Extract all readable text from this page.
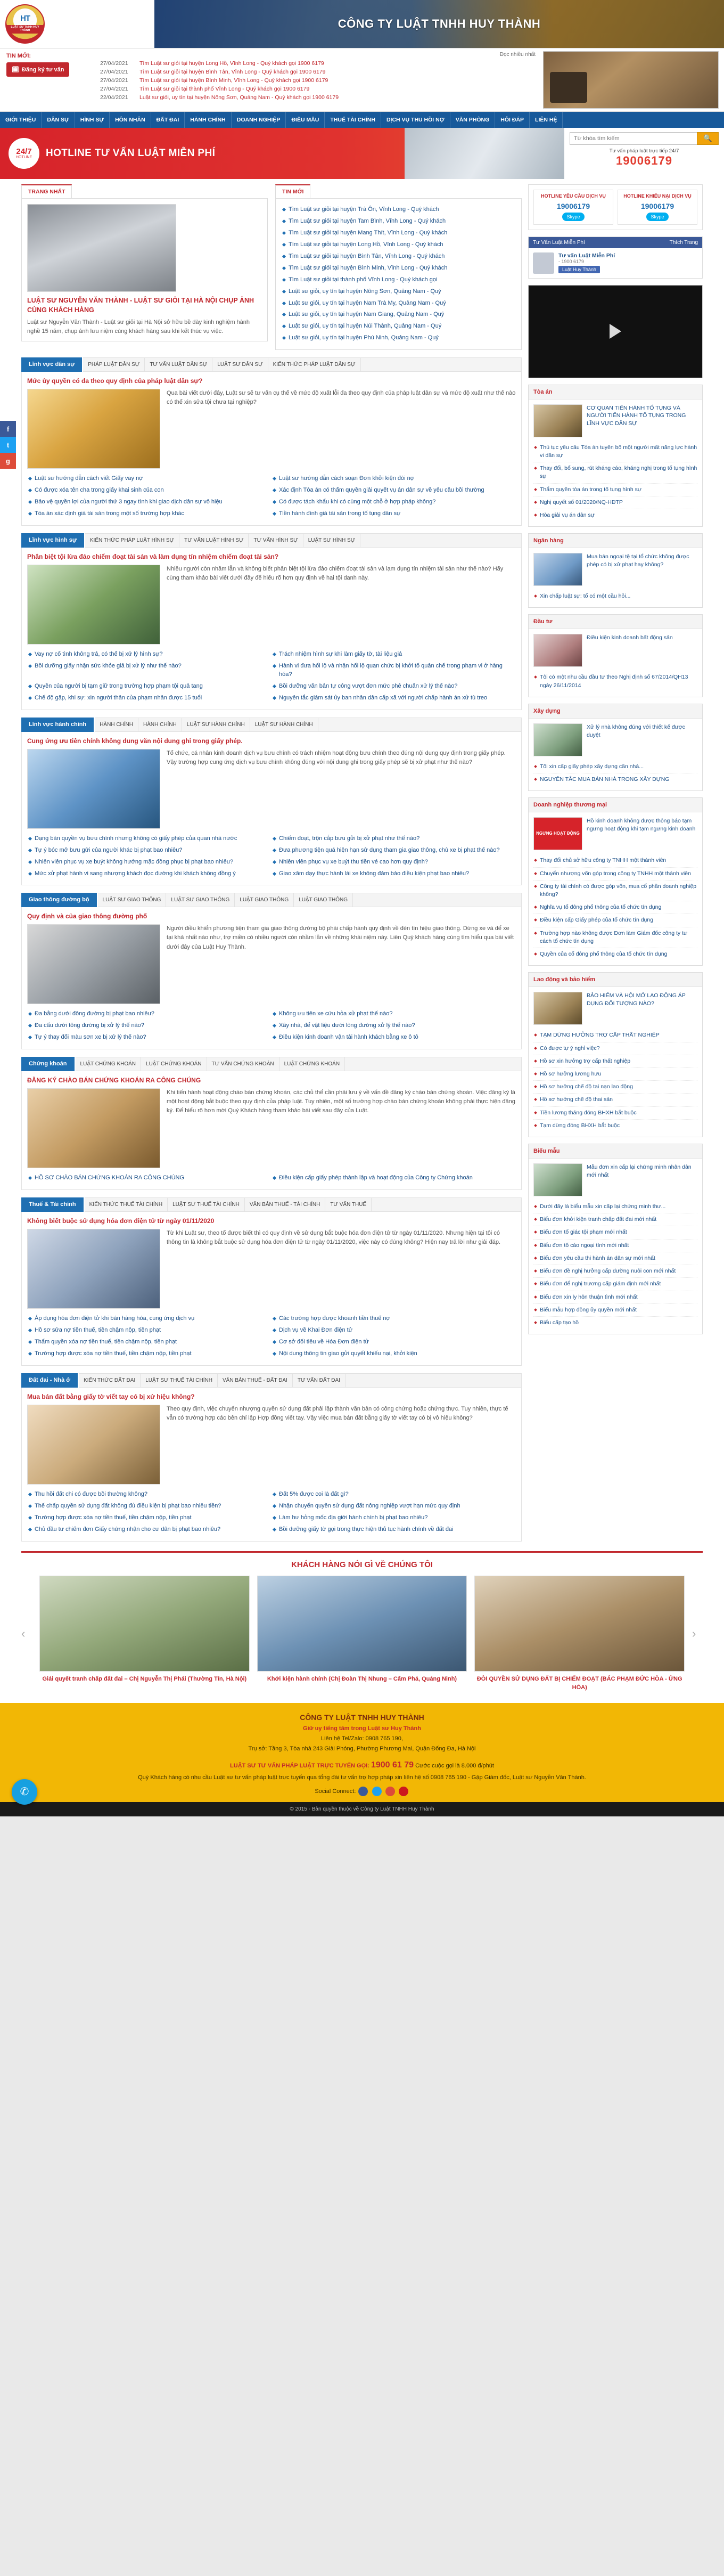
HT
LUẬT SƯ TNHH HUY THÀNH	CÔNG TY LUẬT TNHH HUY THÀNH
TIN MỚI:
🗓 Đăng ký tư vấn
Đọc nhiều nhất
27/04/2021	Tìm Luật sư giỏi tại huyện Long Hồ, Vĩnh Long - Quý khách gọi 1900 6179
27/04/2021	Tìm Luật sư giỏi tại huyện Bình Tân, Vĩnh Long - Quý khách gọi 1900 6179
27/04/2021	Tìm Luật sư giỏi tại huyện Bình Minh, Vĩnh Long - Quý khách gọi 1900 6179
27/04/2021	Tìm Luật sư giỏi tại thành phố Vĩnh Long - Quý khách gọi 1900 6179
22/04/2021	Luật sư giỏi, uy tín tại huyện Nông Sơn, Quảng Nam - Quý khách gọi 1900 6179
GIỚI THIỆU	DÂN SỰ	HÌNH SỰ	HÔN NHÂN	ĐẤT ĐAI	HÀNH CHÍNH	DOANH NGHIỆP	ĐIỀU MẪU	THUẾ TÀI CHÍNH	DỊCH VỤ THU HỒI NỢ	VĂN PHÒNG	HỎI ĐÁP	LIÊN HỆ
24/7
HOTLINE HOTLINE TƯ VẤN LUẬT MIỄN PHÍ
Từ khóa tìm kiếm
🔍
Tư vấn pháp luật trực tiếp 24/7
19006179
TRANG NHẤT
LUẬT SƯ NGUYỄN VĂN THÀNH - LUẬT SƯ GIỎI TẠI HÀ NỘI CHỤP ẢNH CÙNG KHÁCH HÀNG

Luật sư Nguyễn Văn Thành - Luật sư giỏi tại Hà Nội sở hữu bề dày kinh nghiệm hành nghề 15 năm, chụp ảnh lưu niệm cùng khách hàng sau khi kết thúc vụ việc.

TIN MỚI
Tìm Luật sư giỏi tại huyện Trà Ôn, Vĩnh Long - Quý khách
Tìm Luật sư giỏi tại huyện Tam Bình, Vĩnh Long - Quý khách
Tìm Luật sư giỏi tại huyện Mang Thít, Vĩnh Long - Quý khách
Tìm Luật sư giỏi tại huyện Long Hồ, Vĩnh Long - Quý khách
Tìm Luật sư giỏi tại huyện Bình Tân, Vĩnh Long - Quý khách
Tìm Luật sư giỏi tại huyện Bình Minh, Vĩnh Long - Quý khách
Tìm Luật sư giỏi tại thành phố Vĩnh Long - Quý khách gọi
Luật sư giỏi, uy tín tại huyện Nông Sơn, Quảng Nam - Quý
Luật sư giỏi, uy tín tại huyện Nam Trà My, Quảng Nam - Quý
Luật sư giỏi, uy tín tại huyện Nam Giang, Quảng Nam - Quý
Luật sư giỏi, uy tín tại huyện Núi Thành, Quảng Nam - Quý
Luật sư giỏi, uy tín tại huyện Phú Ninh, Quảng Nam - Quý
Lĩnh vực dân sự	PHÁP LUẬT DÂN SỰ	TƯ VẤN LUẬT DÂN SỰ	LUẬT SƯ DÂN SỰ	KIẾN THỨC PHÁP LUẬT DÂN SỰ
Mức ủy quyền có đa theo quy định của pháp luật dân sự?
Qua bài viết dưới đây, Luật sư sẽ tư vấn cụ thể về mức độ xuất lỗi đa theo quy định của pháp luật dân sự và mức độ xuất như thế nào có thể xin sửa tội chưa tại nghiệp?
Luật sư hướng dẫn cách viết Giấy vay nợ	Luật sư hướng dẫn cách soạn Đơn khởi kiện đòi nợ
Có được xóa tên cha trong giấy khai sinh của con	Xác định Tòa án có thẩm quyền giải quyết vụ án dân sự về yêu cầu bồi thường
Bảo vệ quyền lợi của người thứ 3 ngay tình khi giao dịch dân sự vô hiệu	Có được tách khẩu khi có cùng một chỗ ở hợp pháp không?
Tòa án xác định giá tài sản trong một số trường hợp khác	Tiền hành đình giá tài sản trong tố tụng dân sự
Lĩnh vực hình sự	KIẾN THỨC PHÁP LUẬT HÌNH SỰ	TƯ VẤN LUẬT HÌNH SỰ	TƯ VẤN HÌNH SỰ	LUẬT SƯ HÌNH SỰ
Phân biệt tội lừa đảo chiếm đoạt tài sản và làm dụng tín nhiệm chiếm đoạt tài sản?
Nhiều người còn nhầm lẫn và không biết phân biệt tội lừa đảo chiếm đoạt tài sản và lạm dụng tín nhiệm tài sản như thế nào? Hãy cùng tham khảo bài viết dưới đây để hiểu rõ hơn quy định về hai tội danh này.
Vay nợ cố tình không trả, có thể bị xử lý hình sự?	Trách nhiệm hình sự khi làm giấy tờ, tài liệu giả
Bồi dưỡng giấy nhận sức khỏe giả bị xử lý như thế nào?	Hành vi đưa hối lộ và nhận hối lộ quan chức bị khởi tố quản chế trong phạm vi ở hàng hóa?
Quyền của người bị tạm giữ trong trường hợp phạm tội quả tang	Bồi dưỡng văn bản tự công vượt đơn mức phê chuẩn xử lý thế nào?
Chế độ gặp, khi sự: xin người thân của phạm nhân được 15 tuổi	Nguyên tắc giám sát ủy ban nhân dân cấp xã với người chấp hành án xử tù treo
Lĩnh vực hành chính	HÀNH CHÍNH	HÀNH CHÍNH	LUẬT SƯ HÀNH CHÍNH	LUẬT SƯ HÀNH CHÍNH
Cung ứng ưu tiên chính không dung văn nội dung ghi trong giấy phép.
Tổ chức, cá nhân kinh doanh dịch vụ bưu chính có trách nhiệm hoạt động bưu chính theo đúng nội dung quy định trong giấy phép. Vậy trường hợp cung ứng dịch vụ bưu chính không đúng với nội dung ghi trong giấy phép sẽ bị xử phạt như thế nào?
Dạng bản quyền vụ bưu chính nhưng không có giấy phép của quan nhà nước	Chiếm đoạt, trộn cắp bưu gửi bị xử phạt như thế nào?
Tự ý bóc mở bưu gửi của người khác bị phạt bao nhiêu?	Đưa phương tiện quá hiện hạn sử dụng tham gia giao thông, chủ xe bị phạt thế nào?
Nhiên viên phục vụ xe buýt không hướng mặc đồng phục bị phạt bao nhiêu?	Nhiên viên phục vụ xe buýt thu tiền vé cao hơn quy định?
Mức xử phạt hành vi sang nhượng khách đọc đường khi khách không đồng ý	Giao xăm dạy thực hành lái xe không đảm bảo điều kiện phạt bao nhiêu?
Giao thông đường bộ	LUẬT SƯ GIAO THÔNG	LUẬT SƯ GIAO THÔNG	LUẬT GIAO THÔNG	LUẬT GIAO THÔNG
Quy định và của giao thông đường phố
Người điều khiển phương tiện tham gia giao thông đường bộ phải chấp hành quy định về đèn tín hiệu giao thông. Dừng xe và để xe tại khả nhất nào như, trợ miền có nhiều người còn nhầm lẫn về những khái niệm này. Liên Quý khách hàng cùng tìm hiểu qua bài viết dưới đây của Luật Huy Thành.
Đa bằng dưới đông đường bị phạt bao nhiêu?	Không ưu tiên xe cứu hỏa xử phạt thế nào?
Đa cấu dưới tông đường bị xử lý thế nào?	Xây nhà, để vật liệu dưới lòng đường xử lý thế nào?
Tự ý thay đổi màu sơn xe bị xử lý thế nào?	Điều kiện kinh doanh vận tải hành khách bằng xe ô tô
Chứng khoán	LUẬT CHỨNG KHOÁN	LUẬT CHỨNG KHOÁN	TƯ VẤN CHỨNG KHOÁN	LUẬT CHỨNG KHOÁN
ĐĂNG KÝ CHÀO BÁN CHỨNG KHOÁN RA CÔNG CHÚNG
Khi tiến hành hoạt động chào bán chứng khoán, các chủ thể cần phải lưu ý về vấn đề đăng ký chào bán chứng khoán. Việc đăng ký là một hoạt động bắt buộc theo quy định của pháp luật. Tuy nhiên, một số trường hợp chào bán chứng khoán không phải thực hiện đăng ký. Để hiểu rõ hơn mời Quý Khách hàng tham khảo bài viết sau đây của Luật.
HỒ SƠ CHÀO BÁN CHỨNG KHOÁN RA CÔNG CHÚNG	Điều kiện cấp giấy phép thành lập và hoạt động của Công ty Chứng khoán
Thuế & Tài chính	KIẾN THỨC THUẾ TÀI CHÍNH	LUẬT SƯ THUẾ TÀI CHÍNH	VĂN BẢN THUẾ - TÀI CHÍNH	TƯ VẤN THUẾ
Không biết buộc sử dụng hóa đơn điện tử từ ngày 01/11/2020
Từ khi Luật sư, theo tổ được biết thì có quy định về sử dụng bắt buộc hóa đơn điện tử từ ngày 01/11/2020. Nhưng hiện tại tôi có thông tin là không bắt buộc sử dụng hóa đơn điện tử từ ngày 01/11/2020, việc này có đúng không? Hiện nay trả lời như giải đáp.
Áp dụng hóa đơn điện tử khi bán hàng hóa, cung ứng dịch vụ	Các trường hợp được khoanh tiền thuế nợ
Hồ sơ sửa nợ tiền thuế, tiền chậm nộp, tiền phạt	Dịch vụ về Khai Đơn điện tử
Thẩm quyền xóa nợ tiền thuế, tiền chậm nộp, tiền phạt	Cơ sở đối tiêu về Hóa Đơn điện tử
Trường hợp được xóa nợ tiền thuế, tiền chậm nộp, tiền phạt	Nội dung thông tin giao gửi quyết khiếu nại, khởi kiện
Đất đai - Nhà ở	KIẾN THỨC ĐẤT ĐAI	LUẬT SƯ THUẾ TÀI CHÍNH	VĂN BẢN THUẾ - ĐẤT ĐAI	TƯ VẤN ĐẤT ĐAI
Mua bán đất bằng giấy tờ viết tay có bị xử hiệu không?
Theo quy định, việc chuyển nhượng quyền sử dụng đất phải lập thành văn bản có công chứng hoặc chứng thực. Tuy nhiên, thực tế vẫn có trường hợp các bên chỉ lập Hợp đồng viết tay. Vậy việc mua bán đất bằng giấy tờ viết tay có bị vô hiệu không?
Thu hồi đất chi có được bồi thường không?	Đất 5% được coi là đất gì?
Thế chấp quyền sử dụng đất không đủ điều kiện bị phạt bao nhiêu tiền?	Nhận chuyển quyền sử dụng đất nông nghiệp vượt hạn mức quy định
Trường hợp được xóa nợ tiền thuế, tiền chậm nộp, tiền phạt	Làm hư hỏng mốc địa giới hành chính bị phạt bao nhiêu?
Chủ đầu tư chiếm đơn Giấy chứng nhận cho cư dân bị phạt bao nhiêu?	Bồi dưỡng giấy tờ gọi trong thực hiện thủ tục hành chính về đất đai
HOTLINE YÊU CẦU DỊCH VỤ
19006179
Skype
HOTLINE KHIẾU NẠI DỊCH VỤ
19006179
Skype
Tư Vấn Luật Miễn Phí	Thích Trang
Tư vấn Luật Miễn Phí
- 1900 6179
Luật Huy Thành
Tòa án
CƠ QUAN TIẾN HÀNH TỐ TỤNG VÀ NGƯỜI TIẾN HÀNH TỐ TỤNG TRONG LĨNH VỰC DÂN SỰ
Thủ tục yêu cầu Tòa án tuyên bố một người mất năng lực hành vi dân sự
Thay đổi, bổ sung, rút kháng cáo, kháng nghị trong tố tụng hình sự
Thẩm quyền tòa án trong tố tụng hình sự
Nghị quyết số 01/2020/NQ-HĐTP
Hòa giải vụ án dân sự
Ngân hàng
Mua bán ngoại tệ tại tổ chức không được phép có bị xử phạt hay không?
Xin chấp luật sự: tổ có một cầu hỏi...
Đầu tư
Điều kiện kinh doanh bất động sản
Tôi có một nhu cầu đầu tư theo Nghị định số 67/2014/QH13 ngày 26/11/2014
Xây dựng
Xử lý nhà không đúng với thiết kế được duyệt
Tôi xin cấp giấy phép xây dựng cần nhà...
NGUYÊN TẮC MUA BÁN NHÀ TRONG XÂY DỰNG
Doanh nghiệp thương mại
NGƯNG HOẠT ĐỘNG
Hồ kinh doanh không được thông báo tạm ngưng hoạt động khi tạm ngưng kinh doanh
Thay đổi chủ sở hữu công ty TNHH một thành viên
Chuyển nhượng vốn góp trong công ty TNHH một thành viên
Công ty tài chính có được góp vốn, mua cổ phần doanh nghiệp không?
Nghĩa vụ tổ đông phổ thông của tổ chức tín dụng
Điều kiện cấp Giấy phép của tổ chức tín dụng
Trường hợp nào không được Đơn làm Giám đốc công ty tư cách tổ chức tín dụng
Quyền của cổ đông phổ thông của tổ chức tín dụng
Lao động và bảo hiểm
BẢO HIỂM VÀ HỘI MỞ LAO ĐỘNG ÁP DỤNG ĐỐI TƯỢNG NÀO?
TẠM DỪNG HƯỞNG TRỢ CẤP THẤT NGHIỆP
Có được tự ý nghỉ việc?
Hồ sơ xin hưởng trợ cấp thất nghiệp
Hồ sơ hưởng lương hưu
Hồ sơ hưởng chế độ tai nạn lao động
Hồ sơ hưởng chế độ thai sản
Tiền lương tháng đóng BHXH bắt buộc
Tạm dừng đóng BHXH bắt buộc
Biểu mẫu
Mẫu đơn xin cấp lại chứng minh nhân dân mới nhất
Dưới đây là biểu mẫu xin cấp lại chứng minh thư...
Biểu đơn khởi kiện tranh chấp đất đai mới nhất
Biểu đơn tố giác tội phạm mới nhất
Biểu đơn tố cáo ngoại tình mới nhất
Biểu đơn yêu cầu thi hành án dân sự mới nhất
Biểu đơn đề nghị hưởng cấp dưỡng nuôi con mới nhất
Biểu đơn để nghị trương cấp giám định mới nhất
Biểu đơn xin ly hôn thuận tình mới nhất
Biểu mẫu hợp đồng ủy quyền mới nhất
Biểu cấp tạo hồ
KHÁCH HÀNG NÓI GÌ VỀ CHÚNG TÔI
‹
Giải quyết tranh chấp đất đai – Chị Nguyễn Thị Phái (Thường Tín, Hà Nội)	Khởi kiện hành chính (Chị Đoàn Thị Nhung – Cẩm Phả, Quảng Ninh)	ĐÒI QUYỀN SỬ DỤNG ĐẤT BỊ CHIẾM ĐOẠT (BÁC PHẠM ĐỨC HÒA - ỨNG HÒA)
›
CÔNG TY LUẬT TNHH HUY THÀNH
Giữ uy tiếng tăm trong Luật sư Huy Thành
Liên hệ Tel/Zalo: 0908 765 190,
Trụ sở: Tầng 3, Tòa nhà 243 Giải Phóng, Phường Phương Mai, Quận Đống Đa, Hà Nội
LUẬT SƯ TƯ VẤN PHÁP LUẬT TRỰC TUYẾN GỌI: 1900 61 79 Cước cuộc gọi là 8.000 đ/phút
Quý Khách hàng có nhu cầu Luật sư tư vấn pháp luật trực tuyến qua tổng đài tư vấn trợ hợp pháp xin liên hệ số 0908 765 190 - Gặp Giám đốc, Luật sư Nguyễn Văn Thành.
Social Connect:
© 2015 - Bản quyền thuộc về Công ty Luật TNHH Huy Thành
f
t
g
✆
